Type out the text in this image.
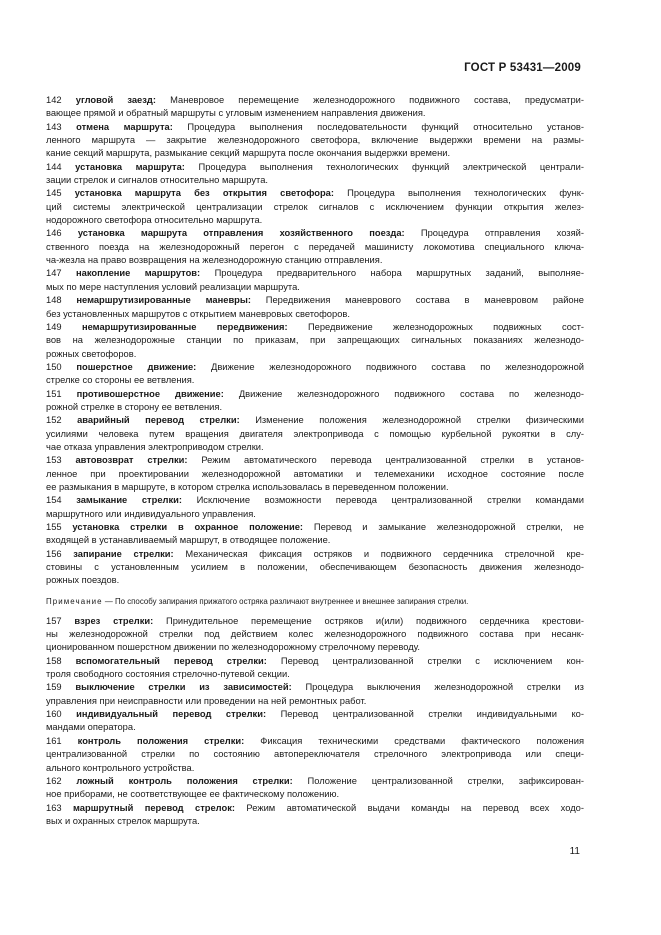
ГОСТ Р 53431—2009
142 угловой заезд: Маневровое перемещение железнодорожного подвижного состава, предусматри-
вающее прямой и обратный маршруты с угловым изменением направления движения.
143 отмена маршрута: Процедура выполнения последовательности функций относительно установ-
ленного маршрута — закрытие железнодорожного светофора, включение выдержки времени на размы-
кание секций маршрута, размыкание секций маршрута после окончания выдержки времени.
144 установка маршрута: Процедура выполнения технологических функций электрической централи-
зации стрелок и сигналов относительно маршрута.
145 установка маршрута без открытия светофора: Процедура выполнения технологических функ-
ций системы электрической централизации стрелок сигналов с исключением функции открытия желез-
нодорожного светофора относительно маршрута.
146 установка маршрута отправления хозяйственного поезда: Процедура отправления хозяй-
ственного поезда на железнодорожный перегон с передачей машинисту локомотива специального ключа-
ча-жезла на право возвращения на железнодорожную станцию отправления.
147 накопление маршрутов: Процедура предварительного набора маршрутных заданий, выполняе-
мых по мере наступления условий реализации маршрута.
148 немаршрутизированные маневры: Передвижения маневрового состава в маневровом районе
без установленных маршрутов с открытием маневровых светофоров.
149 немаршрутизированные передвижения: Передвижение железнодорожных подвижных сост-
вов на железнодорожные станции по приказам, при запрещающих сигнальных показаниях железнодо-
рожных светофоров.
150 пошерстное движение: Движение железнодорожного подвижного состава по железнодорожной
стрелке со стороны ее ветвления.
151 противошерстное движение: Движение железнодорожного подвижного состава по железнодо-
рожной стрелке в сторону ее ветвления.
152 аварийный перевод стрелки: Изменение положения железнодорожной стрелки физическими
усилиями человека путем вращения двигателя электропривода с помощью курбельной рукоятки в слу-
чае отказа управления электроприводом стрелки.
153 автовозврат стрелки: Режим автоматического перевода централизованной стрелки в установ-
ленное при проектировании железнодорожной автоматики и телемеханики исходное состояние после
ее размыкания в маршруте, в котором стрелка использовалась в переведенном положении.
154 замыкание стрелки: Исключение возможности перевода централизованной стрелки командами
маршрутного или индивидуального управления.
155 установка стрелки в охранное положение: Перевод и замыкание железнодорожной стрелки, не
входящей в устанавливаемый маршрут, в отводящее положение.
156 запирание стрелки: Механическая фиксация остряков и подвижного сердечника стрелочной кре-
стовины с установленным усилием в положении, обеспечивающем безопасность движения железнодо-
рожных поездов.
Примечание — По способу запирания прижатого остряка различают внутреннее и внешнее запирания стрелки.
157 взрез стрелки: Принудительное перемещение остряков и(или) подвижного сердечника крестови-
ны железнодорожной стрелки под действием колес железнодорожного подвижного состава при несанк-
ционированном пошерстном движении по железнодорожному стрелочному переводу.
158 вспомогательный перевод стрелки: Перевод централизованной стрелки с исключением кон-
троля свободного состояния стрелочно-путевой секции.
159 выключение стрелки из зависимостей: Процедура выключения железнодорожной стрелки из
управления при неисправности или проведении на ней ремонтных работ.
160 индивидуальный перевод стрелки: Перевод централизованной стрелки индивидуальными ко-
мандами оператора.
161 контроль положения стрелки: Фиксация техническими средствами фактического положения
централизованной стрелки по состоянию автопереключателя стрелочного электропривода или специ-
ального контрольного устройства.
162 ложный контроль положения стрелки: Положение централизованной стрелки, зафиксирован-
ное приборами, не соответствующее ее фактическому положению.
163 маршрутный перевод стрелок: Режим автоматической выдачи команды на перевод всех ходо-
вых и охранных стрелок маршрута.
11
